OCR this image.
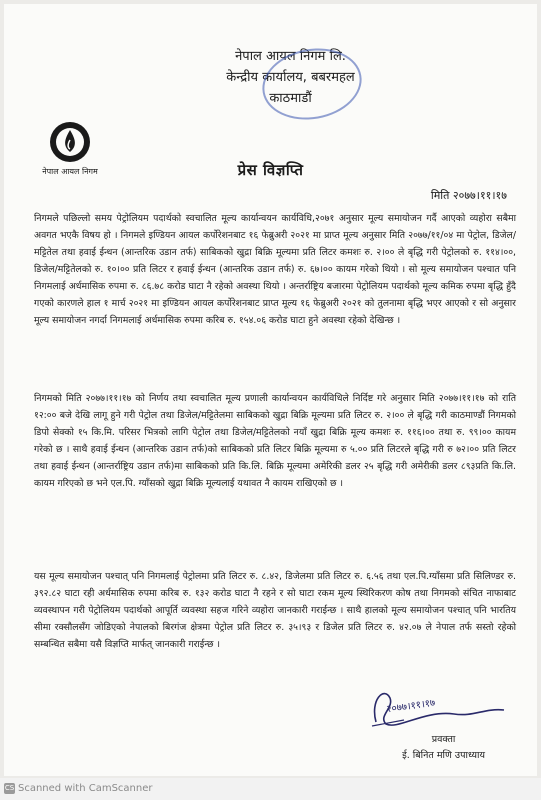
नेपाल आयल निगम लि.
केन्द्रीय कार्यालय, बबरमहल
काठमाडौं
नेपाल आयल निगम	प्रेस विज्ञप्ति
मिति २०७७।११।१७
निगमले पछिल्लो समय पेट्रोलियम पदार्थको स्वचालित मूल्य कार्यान्वयन कार्यविधि,२०७१ अनुसार मूल्य समायोजन गर्दै आएको व्यहोरा सबैमा अवगत भएकै विषय हो । निगमले इण्डियन आयल कर्पोरेशनबाट १६ फेब्रुअरी २०२१ मा प्राप्त मूल्य अनुसार मिति २०७७/११/०४ मा पेट्रोल, डिजेल/मट्टितेल तथा हवाई ईन्धन (आन्तरिक उडान तर्फ) साबिकको खुद्रा बिक्रि मूल्यमा प्रति लिटर कमशः रु. २।०० ले बृद्धि गरी पेट्रोलको रु. ११४।००, डिजेल/मट्टितेलको रु. १०।०० प्रति लिटर र हवाई ईन्धन (आन्तरिक उडान तर्फ) रु. ६७।०० कायम गरेको थियो । सो मूल्य समायोजन पश्चात पनि निगमलाई अर्धमासिक रुपमा रु. ८६.७८ करोड घाटा नै रहेको अवस्था थियो । अन्तर्राष्ट्रिय बजारमा पेट्रोलियम पदार्थको मूल्य कमिक रुपमा बृद्धि हुँदै गएको कारणले हाल १ मार्च २०२१ मा इण्डियन आयल कर्पोरेशनबाट प्राप्त मूल्य १६ फेब्रुअरी २०२१ को तुलनामा बृद्धि भएर आएको र सो अनुसार मूल्य समायोजन नगर्दा निगमलाई अर्धमासिक रुपमा करिब रु. १५४.०६ करोड घाटा हुने अवस्था रहेको देखिन्छ ।
निगमको मिति २०७७।११।१७ को निर्णय तथा स्वचालित मूल्य प्रणाली कार्यान्वयन कार्यविधिले निर्दिष्ट गरे अनुसार मिति २०७७।११।१७ को राति १२:०० बजे देखि लागू हुने गरी पेट्रोल तथा डिजेल/मट्टितेलमा साबिकको खुद्रा बिक्रि मूल्यमा प्रति लिटर रु. २।०० ले बृद्धि गरी काठमाण्डौं निगमको डिपो सेक्को १५ कि.मि. परिसर भित्रको लागि पेट्रोल तथा डिजेल/मट्टितेलको नयाँ खुद्रा बिक्रि मूल्य कमशः रु. ११६।०० तथा रु. ९९।०० कायम गरेको छ । साथै हवाई ईन्धन (आन्तरिक उडान तर्फ)को साबिकको प्रति लिटर बिक्रि मूल्यमा रु ५.०० प्रति लिटरले बृद्धि गरी रु ७२।०० प्रति लिटर तथा हवाई ईन्धन (आन्तर्राष्ट्रिय उडान तर्फ)मा साबिकको प्रति कि.लि. बिक्रि मूल्यमा अमेरिकी डलर २५ बृद्धि गरी अमेरीकी डलर ८९३प्रति कि.लि. कायम गरिएको छ भने एल.पि. ग्याँसको खुद्रा बिक्रि मूल्यलाई यथावत नै कायम राखिएको छ ।
यस मूल्य समायोजन पश्चात् पनि निगमलाई पेट्रोलमा प्रति लिटर रु. ८.४२, डिजेलमा प्रति लिटर रु. ६.५६ तथा एल.पि.ग्याँसमा प्रति सिलिण्डर रु. ३९२.८२ घाटा रही अर्धमासिक रुपमा करिब रु. १३२ करोड घाटा नै रहने र सो घाटा रकम मूल्य स्थिरिकरण कोष तथा निगमको संचित नाफाबाट व्यवस्थापन गरी पेट्रोलियम पदार्थको आपूर्ति व्यवस्था सहज गरिने व्यहोरा जानकारी गराईन्छ । साथै हालको मूल्य समायोजन पश्चात् पनि भारतिय सीमा रक्सौलसँग जोडिएको नेपालको बिरगंज क्षेत्रमा पेट्रोल प्रति लिटर रु. ३५।९३ र डिजेल प्रति लिटर रु. ४२.०७ ले नेपाल तर्फ सस्तो रहेको सम्बन्धित सबैमा यसै विज्ञप्ति मार्फत् जानकारी गराईन्छ ।
२०७७।११।१७
प्रवक्ता
ई. बिनित मणि उपाध्याय
CS Scanned with CamScanner
